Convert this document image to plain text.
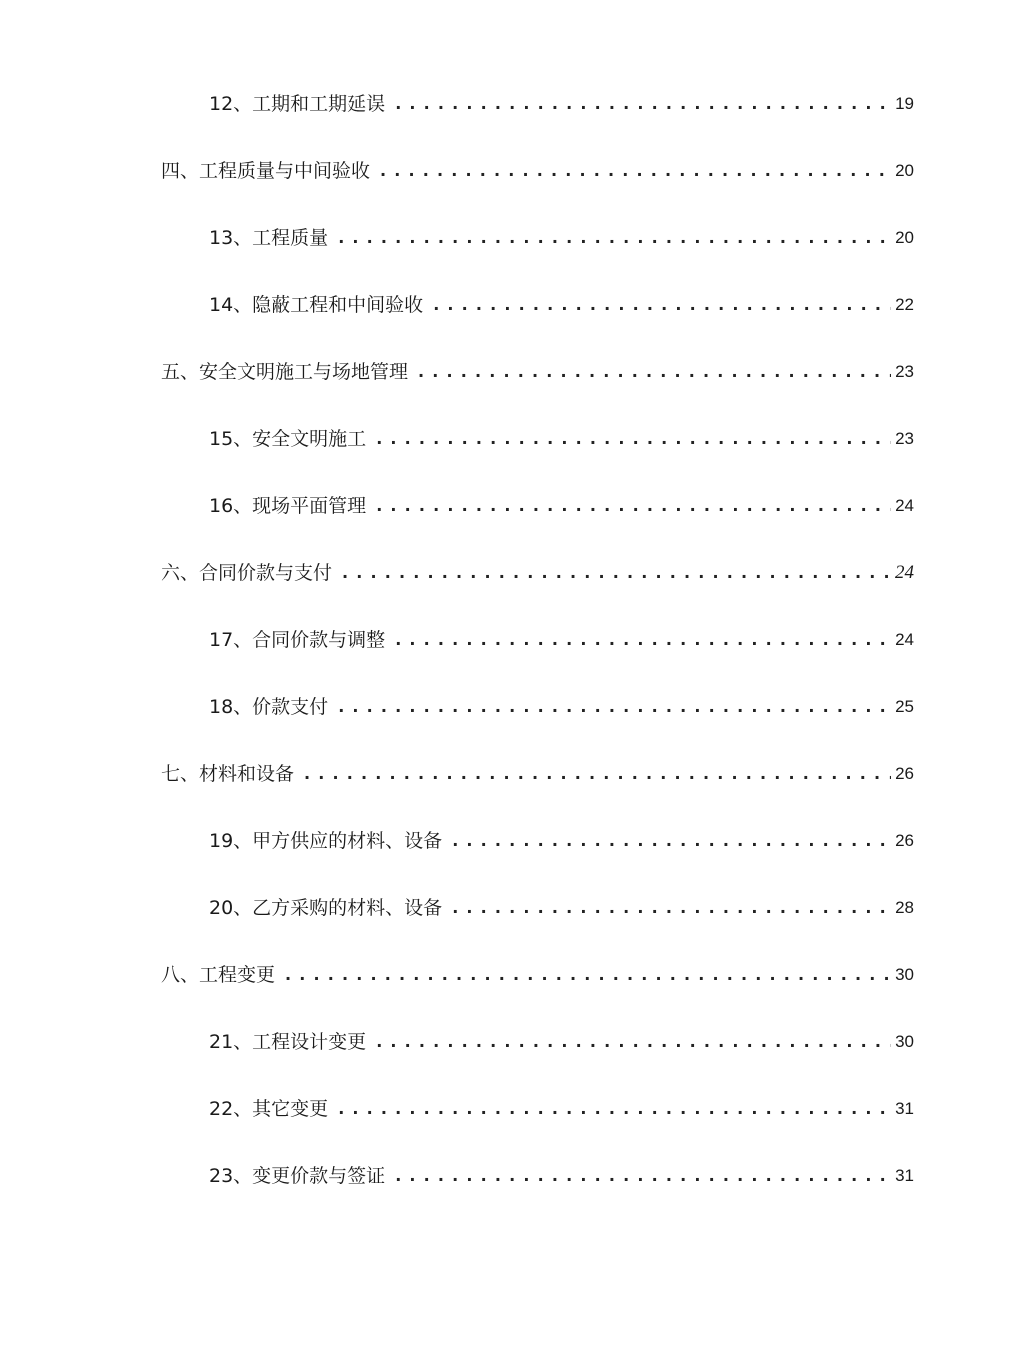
12、工期和工期延误 . . .	19
四、工程质量与中间验收 . . .	20
13、工程质量 . . .	20
14、隐蔽工程和中间验收 . . .	22
五、安全文明施工与场地管理 . . .	23
15、安全文明施工 . . .	23
16、现场平面管理 . . .	24
六、合同价款与支付 . . .	24
17、合同价款与调整 . . .	24
18、价款支付 . . .	25
七、材料和设备 . . .	26
19、甲方供应的材料、设备 . . .	26
20、乙方采购的材料、设备 . . .	28
八、工程变更 . . .	30
21、工程设计变更 . . .	30
22、其它变更 . . .	31
23、变更价款与签证 . . .	31
